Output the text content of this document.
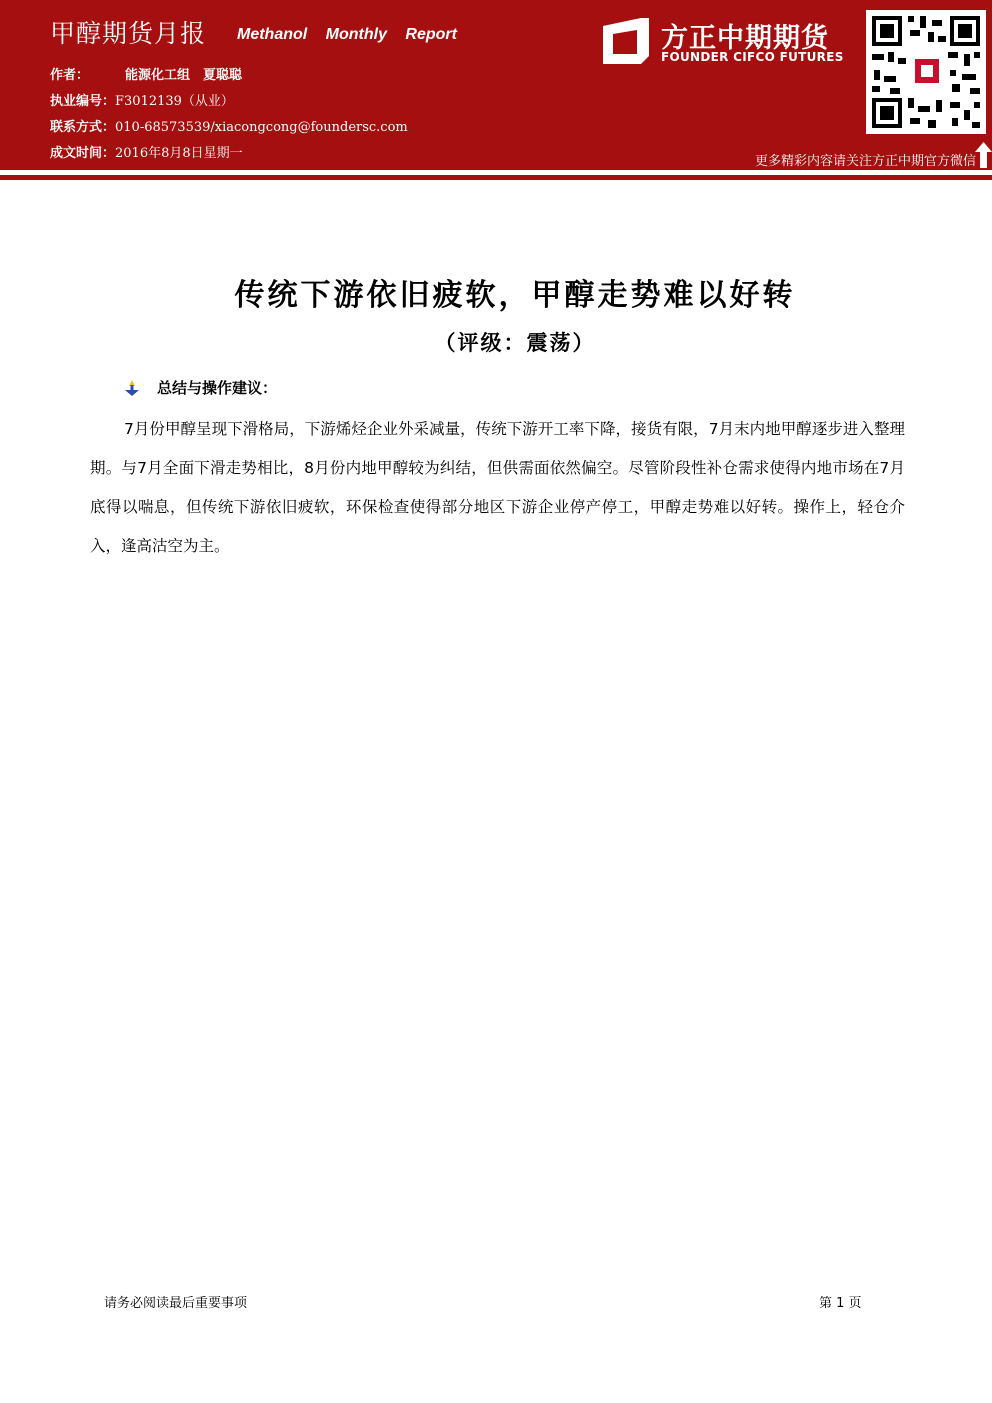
甲醇期货月报 Methanol Monthly Report
作者：	能源化工组　夏聪聪
执业编号：F3012139（从业）
联系方式：010-68573539/xiacongcong@foundersc.com
成文时间：2016年8月8日星期一
方正中期期货
FOUNDER CIFCO FUTURES
更多精彩内容请关注方正中期官方微信
传统下游依旧疲软，甲醇走势难以好转
（评级：震荡）
总结与操作建议：
7月份甲醇呈现下滑格局，下游烯烃企业外采减量，传统下游开工率下降，接货有限，7月末内地甲醇逐步进入整理期。与7月全面下滑走势相比，8月份内地甲醇较为纠结，但供需面依然偏空。尽管阶段性补仓需求使得内地市场在7月底得以喘息，但传统下游依旧疲软，环保检查使得部分地区下游企业停产停工，甲醇走势难以好转。操作上，轻仓介入，逢高沽空为主。
请务必阅读最后重要事项	第 1 页
